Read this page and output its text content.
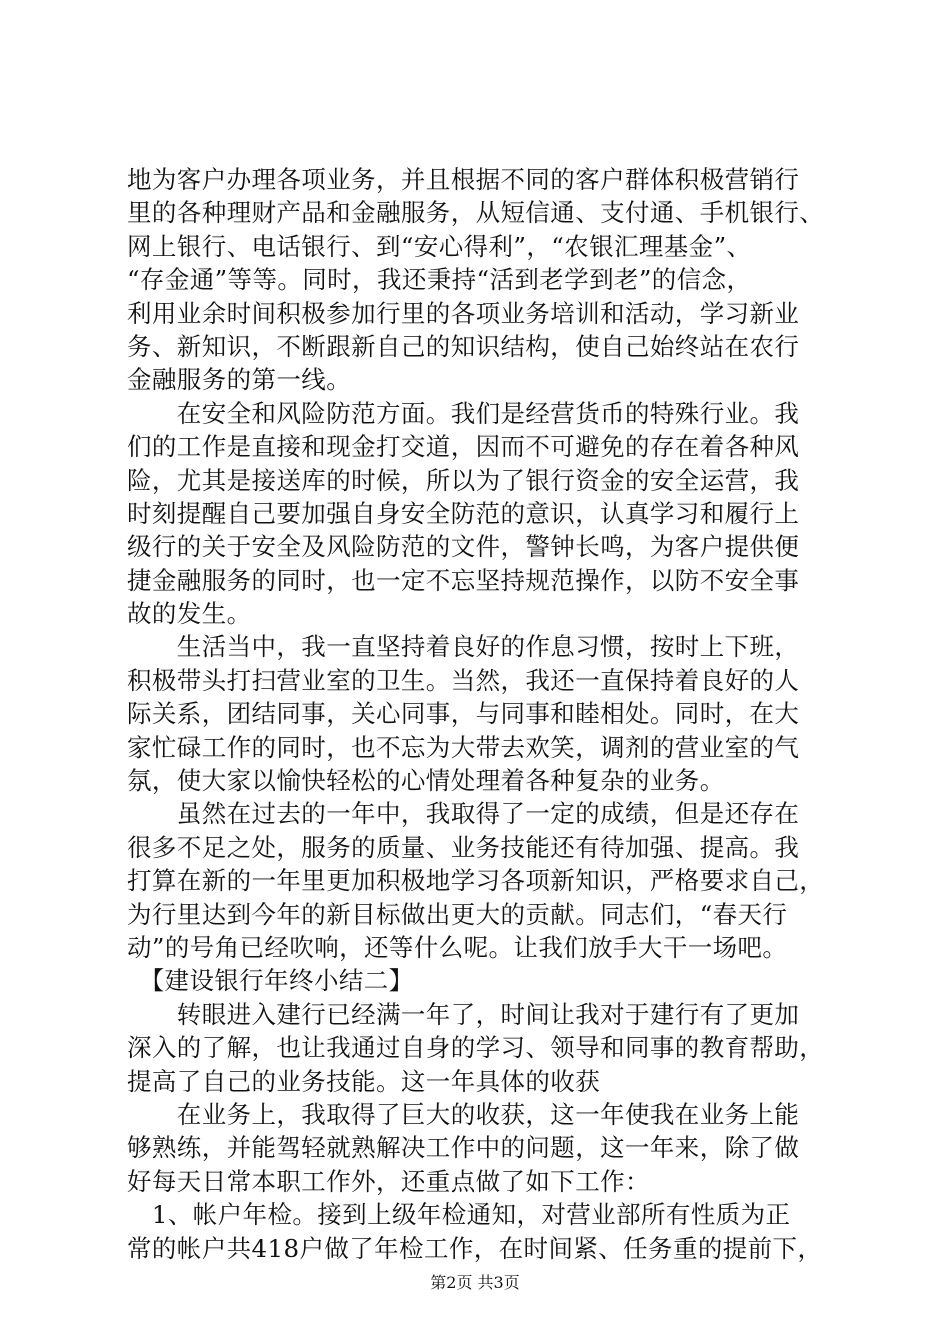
地为客户办理各项业务，并且根据不同的客户群体积极营销行
里的各种理财产品和金融服务，从短信通、支付通、手机银行、
网上银行、电话银行、到“安心得利”，“农银汇理基金”、
“存金通”等等。同时，我还秉持“活到老学到老”的信念，
利用业余时间积极参加行里的各项业务培训和活动，学习新业
务、新知识，不断跟新自己的知识结构，使自己始终站在农行
金融服务的第一线。
　　在安全和风险防范方面。我们是经营货币的特殊行业。我
们的工作是直接和现金打交道，因而不可避免的存在着各种风
险，尤其是接送库的时候，所以为了银行资金的安全运营，我
时刻提醒自己要加强自身安全防范的意识，认真学习和履行上
级行的关于安全及风险防范的文件，警钟长鸣，为客户提供便
捷金融服务的同时，也一定不忘坚持规范操作，以防不安全事
故的发生。
　　生活当中，我一直坚持着良好的作息习惯，按时上下班，
积极带头打扫营业室的卫生。当然，我还一直保持着良好的人
际关系，团结同事，关心同事，与同事和睦相处。同时，在大
家忙碌工作的同时，也不忘为大带去欢笑，调剂的营业室的气
氛，使大家以愉快轻松的心情处理着各种复杂的业务。
　　虽然在过去的一年中，我取得了一定的成绩，但是还存在
很多不足之处，服务的质量、业务技能还有待加强、提高。我
打算在新的一年里更加积极地学习各项新知识，严格要求自己，
为行里达到今年的新目标做出更大的贡献。同志们，“春天行
动”的号角已经吹响，还等什么呢。让我们放手大干一场吧。
　【建设银行年终小结二】
　　转眼进入建行已经满一年了，时间让我对于建行有了更加
深入的了解，也让我通过自身的学习、领导和同事的教育帮助，
提高了自己的业务技能。这一年具体的收获
　　在业务上，我取得了巨大的收获，这一年使我在业务上能
够熟练，并能驾轻就熟解决工作中的问题，这一年来，除了做
好每天日常本职工作外，还重点做了如下工作：
　1、帐户年检。接到上级年检通知，对营业部所有性质为正
常的帐户共418户做了年检工作，在时间紧、任务重的提前下，
第2页 共3页
